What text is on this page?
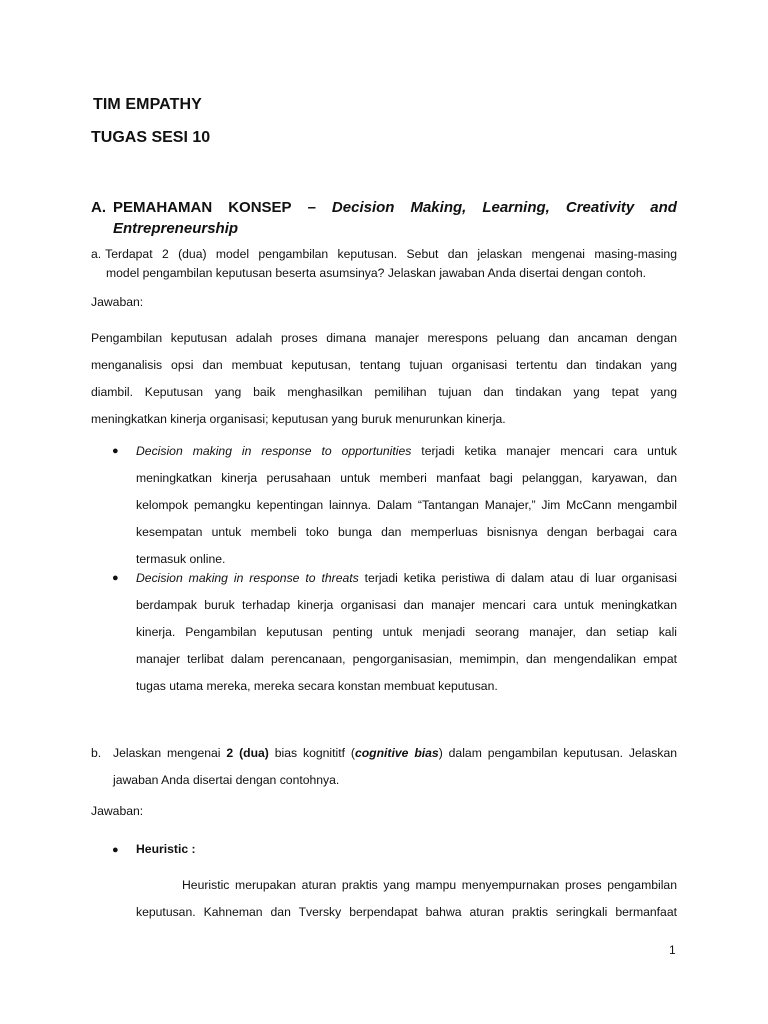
TIM EMPATHY
TUGAS SESI 10
A. PEMAHAMAN KONSEP – Decision Making, Learning, Creativity and
Entrepreneurship
a. Terdapat 2 (dua) model pengambilan keputusan. Sebut dan jelaskan mengenai masing-masing
model pengambilan keputusan beserta asumsinya? Jelaskan jawaban Anda disertai dengan contoh.
Jawaban:
Pengambilan keputusan adalah proses dimana manajer merespons peluang dan ancaman dengan
menganalisis opsi dan membuat keputusan, tentang tujuan organisasi tertentu dan tindakan yang
diambil. Keputusan yang baik menghasilkan pemilihan tujuan dan tindakan yang tepat yang
meningkatkan kinerja organisasi; keputusan yang buruk menurunkan kinerja.
● Decision making in response to opportunities terjadi ketika manajer mencari cara untuk
meningkatkan kinerja perusahaan untuk memberi manfaat bagi pelanggan, karyawan, dan
kelompok pemangku kepentingan lainnya. Dalam “Tantangan Manajer,” Jim McCann mengambil
kesempatan untuk membeli toko bunga dan memperluas bisnisnya dengan berbagai cara
termasuk online.
● Decision making in response to threats terjadi ketika peristiwa di dalam atau di luar organisasi
berdampak buruk terhadap kinerja organisasi dan manajer mencari cara untuk meningkatkan
kinerja. Pengambilan keputusan penting untuk menjadi seorang manajer, dan setiap kali
manajer terlibat dalam perencanaan, pengorganisasian, memimpin, dan mengendalikan empat
tugas utama mereka, mereka secara konstan membuat keputusan.
b. Jelaskan mengenai 2 (dua) bias kognititf (cognitive bias) dalam pengambilan keputusan. Jelaskan
jawaban Anda disertai dengan contohnya.
Jawaban:
● Heuristic :
Heuristic merupakan aturan praktis yang mampu menyempurnakan proses pengambilan
keputusan. Kahneman dan Tversky berpendapat bahwa aturan praktis seringkali bermanfaat
1
